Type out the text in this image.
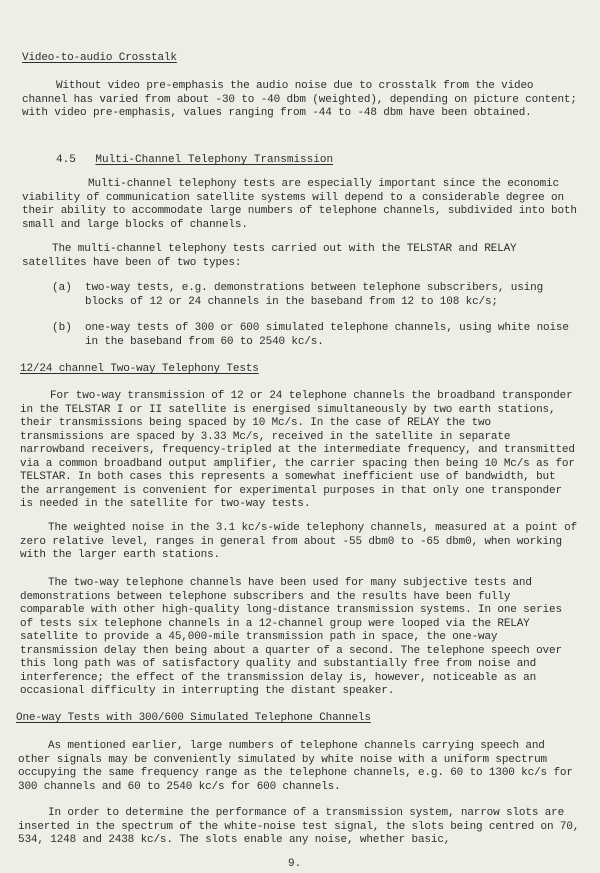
Video-to-audio Crosstalk

Without video pre-emphasis the audio noise due to crosstalk from the video channel has varied from about -30 to -40 dbm (weighted), depending on picture content; with video pre-emphasis, values ranging from -44 to -48 dbm have been obtained.

4.5 Multi-Channel Telephony Transmission

Multi-channel telephony tests are especially important since the economic viability of communication satellite systems will depend to a considerable degree on their ability to accommodate large numbers of telephone channels, subdivided into both small and large blocks of channels.

The multi-channel telephony tests carried out with the TELSTAR and RELAY satellites have been of two types:

(a) two-way tests, e.g. demonstrations between telephone subscribers, using blocks of 12 or 24 channels in the baseband from 12 to 108 kc/s;

(b) one-way tests of 300 or 600 simulated telephone channels, using white noise in the baseband from 60 to 2540 kc/s.

12/24 channel Two-way Telephony Tests

For two-way transmission of 12 or 24 telephone channels the broadband transponder in the TELSTAR I or II satellite is energised simultaneously by two earth stations, their transmissions being spaced by 10 Mc/s. In the case of RELAY the two transmissions are spaced by 3.33 Mc/s, received in the satellite in separate narrowband receivers, frequency-tripled at the intermediate frequency, and transmitted via a common broadband output amplifier, the carrier spacing then being 10 Mc/s as for TELSTAR. In both cases this represents a somewhat inefficient use of bandwidth, but the arrangement is convenient for experimental purposes in that only one transponder is needed in the satellite for two-way tests.

The weighted noise in the 3.1 kc/s-wide telephony channels, measured at a point of zero relative level, ranges in general from about -55 dbm0 to -65 dbm0, when working with the larger earth stations.

The two-way telephone channels have been used for many subjective tests and demonstrations between telephone subscribers and the results have been fully comparable with other high-quality long-distance transmission systems. In one series of tests six telephone channels in a 12-channel group were looped via the RELAY satellite to provide a 45,000-mile transmission path in space, the one-way transmission delay then being about a quarter of a second. The telephone speech over this long path was of satisfactory quality and substantially free from noise and interference; the effect of the transmission delay is, however, noticeable as an occasional difficulty in interrupting the distant speaker.

One-way Tests with 300/600 Simulated Telephone Channels

As mentioned earlier, large numbers of telephone channels carrying speech and other signals may be conveniently simulated by white noise with a uniform spectrum occupying the same frequency range as the telephone channels, e.g. 60 to 1300 kc/s for 300 channels and 60 to 2540 kc/s for 600 channels.

In order to determine the performance of a transmission system, narrow slots are inserted in the spectrum of the white-noise test signal, the slots being centred on 70, 534, 1248 and 2438 kc/s. The slots enable any noise, whether basic,

9.
